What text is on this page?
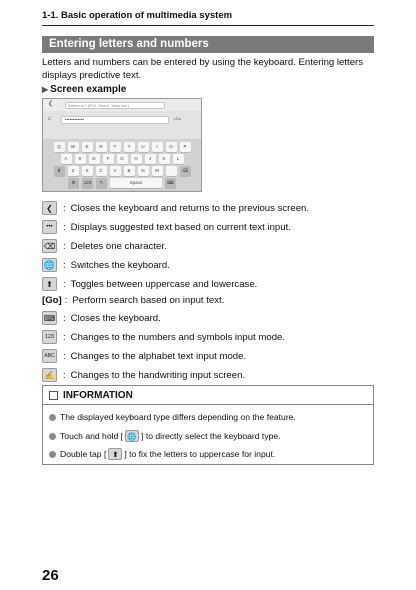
1-1. Basic operation of multimedia system
Entering letters and numbers
Letters and numbers can be entered by using the keyboard. Entering letters displays predictive text.
▶ Screen example
❮	Where to? (POI, Street, Town etc.)
♫	••••••••••••	<Go
Q	W	E	R	T	Y	U	I	O	P
A	S	D	F	G	H	J	K	L
⬆	Z	X	C	V	B	N	M	·	⌫
⚙	123	✎	Space	⌨
❮	: Closes the keyboard and returns to the previous screen.
•••	: Displays suggested text based on current text input.
⌫ : Deletes one character.
🌐 : Switches the keyboard.
⬆	: Toggles between uppercase and lowercase.
[Go] : Perform search based on input text.
⌨ : Closes the keyboard.
123 : Changes to the numbers and symbols input mode.
ABC : Changes to the alphabet text input mode.
✍ : Changes to the handwriting input screen.
INFORMATION
The displayed keyboard type differs depending on the feature.
Touch and hold [ 🌐 ] to directly select the keyboard type.
Double tap [ ⬆ ] to fix the letters to uppercase for input.
26
